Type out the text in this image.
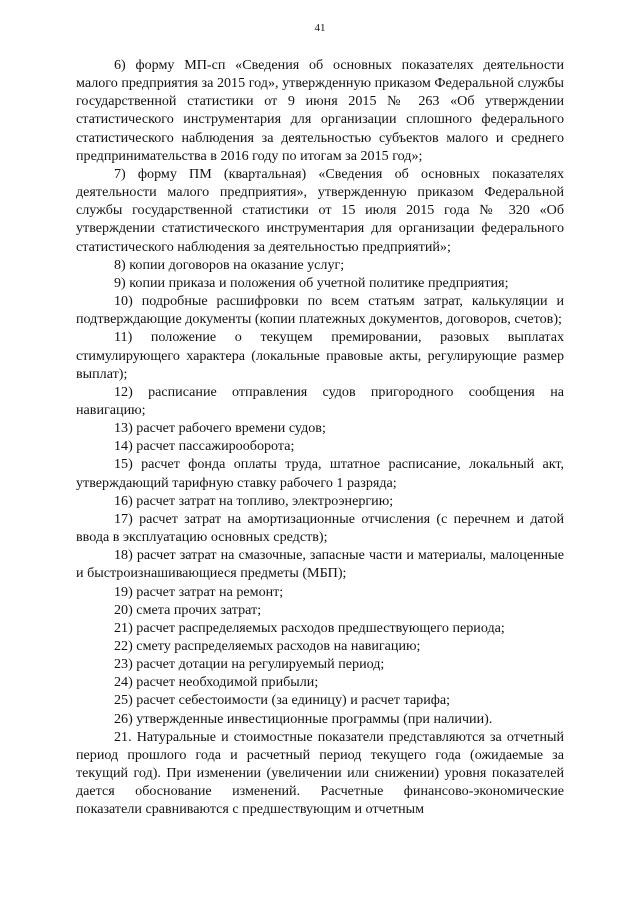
41

6) форму МП-сп «Сведения об основных показателях деятельности малого предприятия за 2015 год», утвержденную приказом Федеральной службы государственной статистики от 9 июня 2015 № 263 «Об утверждении статистического инструментария для организации сплошного федерального статистического наблюдения за деятельностью субъектов малого и среднего предпринимательства в 2016 году по итогам за 2015 год»;

7) форму ПМ (квартальная) «Сведения об основных показателях деятельности малого предприятия», утвержденную приказом Федеральной службы государственной статистики от 15 июля 2015 года № 320 «Об утверждении статистического инструментария для организации федерального статистического наблюдения за деятельностью предприятий»;

8) копии договоров на оказание услуг;

9) копии приказа и положения об учетной политике предприятия;

10) подробные расшифровки по всем статьям затрат, калькуляции и подтверждающие документы (копии платежных документов, договоров, счетов);

11) положение о текущем премировании, разовых выплатах стимулирующего характера (локальные правовые акты, регулирующие размер выплат);

12) расписание отправления судов пригородного сообщения на навигацию;

13) расчет рабочего времени судов;

14) расчет пассажирооборота;

15) расчет фонда оплаты труда, штатное расписание, локальный акт, утверждающий тарифную ставку рабочего 1 разряда;

16) расчет затрат на топливо, электроэнергию;

17) расчет затрат на амортизационные отчисления (с перечнем и датой ввода в эксплуатацию основных средств);

18) расчет затрат на смазочные, запасные части и материалы, малоценные и быстроизнашивающиеся предметы (МБП);

19) расчет затрат на ремонт;

20) смета прочих затрат;

21) расчет распределяемых расходов предшествующего периода;

22) смету распределяемых расходов на навигацию;

23) расчет дотации на регулируемый период;

24) расчет необходимой прибыли;

25) расчет себестоимости (за единицу) и расчет тарифа;

26) утвержденные инвестиционные программы (при наличии).

21. Натуральные и стоимостные показатели представляются за отчетный период прошлого года и расчетный период текущего года (ожидаемые за текущий год). При изменении (увеличении или снижении) уровня показателей дается обоснование изменений. Расчетные финансово-экономические показатели сравниваются с предшествующим и отчетным
